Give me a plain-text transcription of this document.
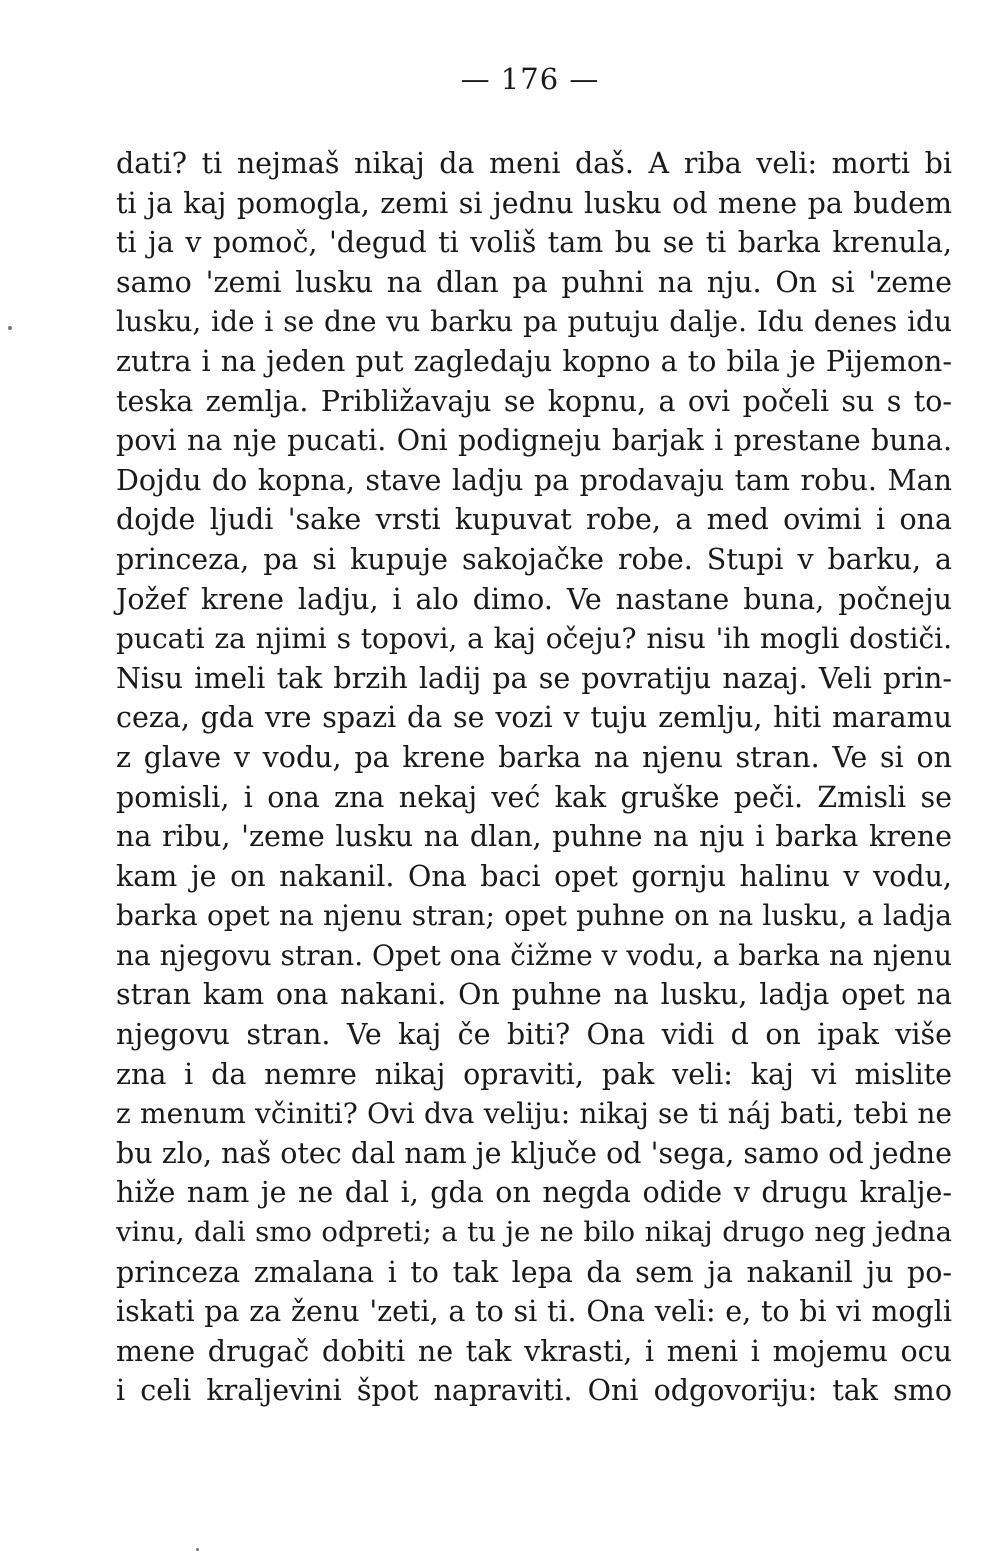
— 176 —
dati? ti nejmaš nikaj da meni daš. A riba veli: morti bi
ti ja kaj pomogla, zemi si jednu lusku od mene pa budem
ti ja v pomoč, 'degud ti voliš tam bu se ti barka krenula,
samo 'zemi lusku na dlan pa puhni na nju. On si 'zeme
lusku, ide i se dne vu barku pa putuju dalje. Idu denes idu
zutra i na jeden put zagledaju kopno a to bila je Pijemon-
teska zemlja. Približavaju se kopnu, a ovi počeli su s to-
povi na nje pucati. Oni podigneju barjak i prestane buna.
Dojdu do kopna, stave ladju pa prodavaju tam robu. Man
dojde ljudi 'sake vrsti kupuvat robe, a med ovimi i ona
princeza, pa si kupuje sakojačke robe. Stupi v barku, a
Jožef krene ladju, i alo dimo. Ve nastane buna, počneju
pucati za njimi s topovi, a kaj očeju? nisu 'ih mogli dostiči.
Nisu imeli tak brzih ladij pa se povratiju nazaj. Veli prin-
ceza, gda vre spazi da se vozi v tuju zemlju, hiti maramu
z glave v vodu, pa krene barka na njenu stran. Ve si on
pomisli, i ona zna nekaj već kak gruške peči. Zmisli se
na ribu, 'zeme lusku na dlan, puhne na nju i barka krene
kam je on nakanil. Ona baci opet gornju halinu v vodu,
barka opet na njenu stran; opet puhne on na lusku, a ladja
na njegovu stran. Opet ona čižme v vodu, a barka na njenu
stran kam ona nakani. On puhne na lusku, ladja opet na
njegovu stran. Ve kaj če biti? Ona vidi d on ipak više
zna i da nemre nikaj opraviti, pak veli: kaj vi mislite
z menum včiniti? Ovi dva veliju: nikaj se ti náj bati, tebi ne
bu zlo, naš otec dal nam je ključe od 'sega, samo od jedne
hiže nam je ne dal i, gda on negda odide v drugu kralje-
vinu, dali smo odpreti; a tu je ne bilo nikaj drugo neg jedna
princeza zmalana i to tak lepa da sem ja nakanil ju po-
iskati pa za ženu 'zeti, a to si ti. Ona veli: e, to bi vi mogli
mene drugač dobiti ne tak vkrasti, i meni i mojemu ocu
i celi kraljevini špot napraviti. Oni odgovoriju: tak smo
